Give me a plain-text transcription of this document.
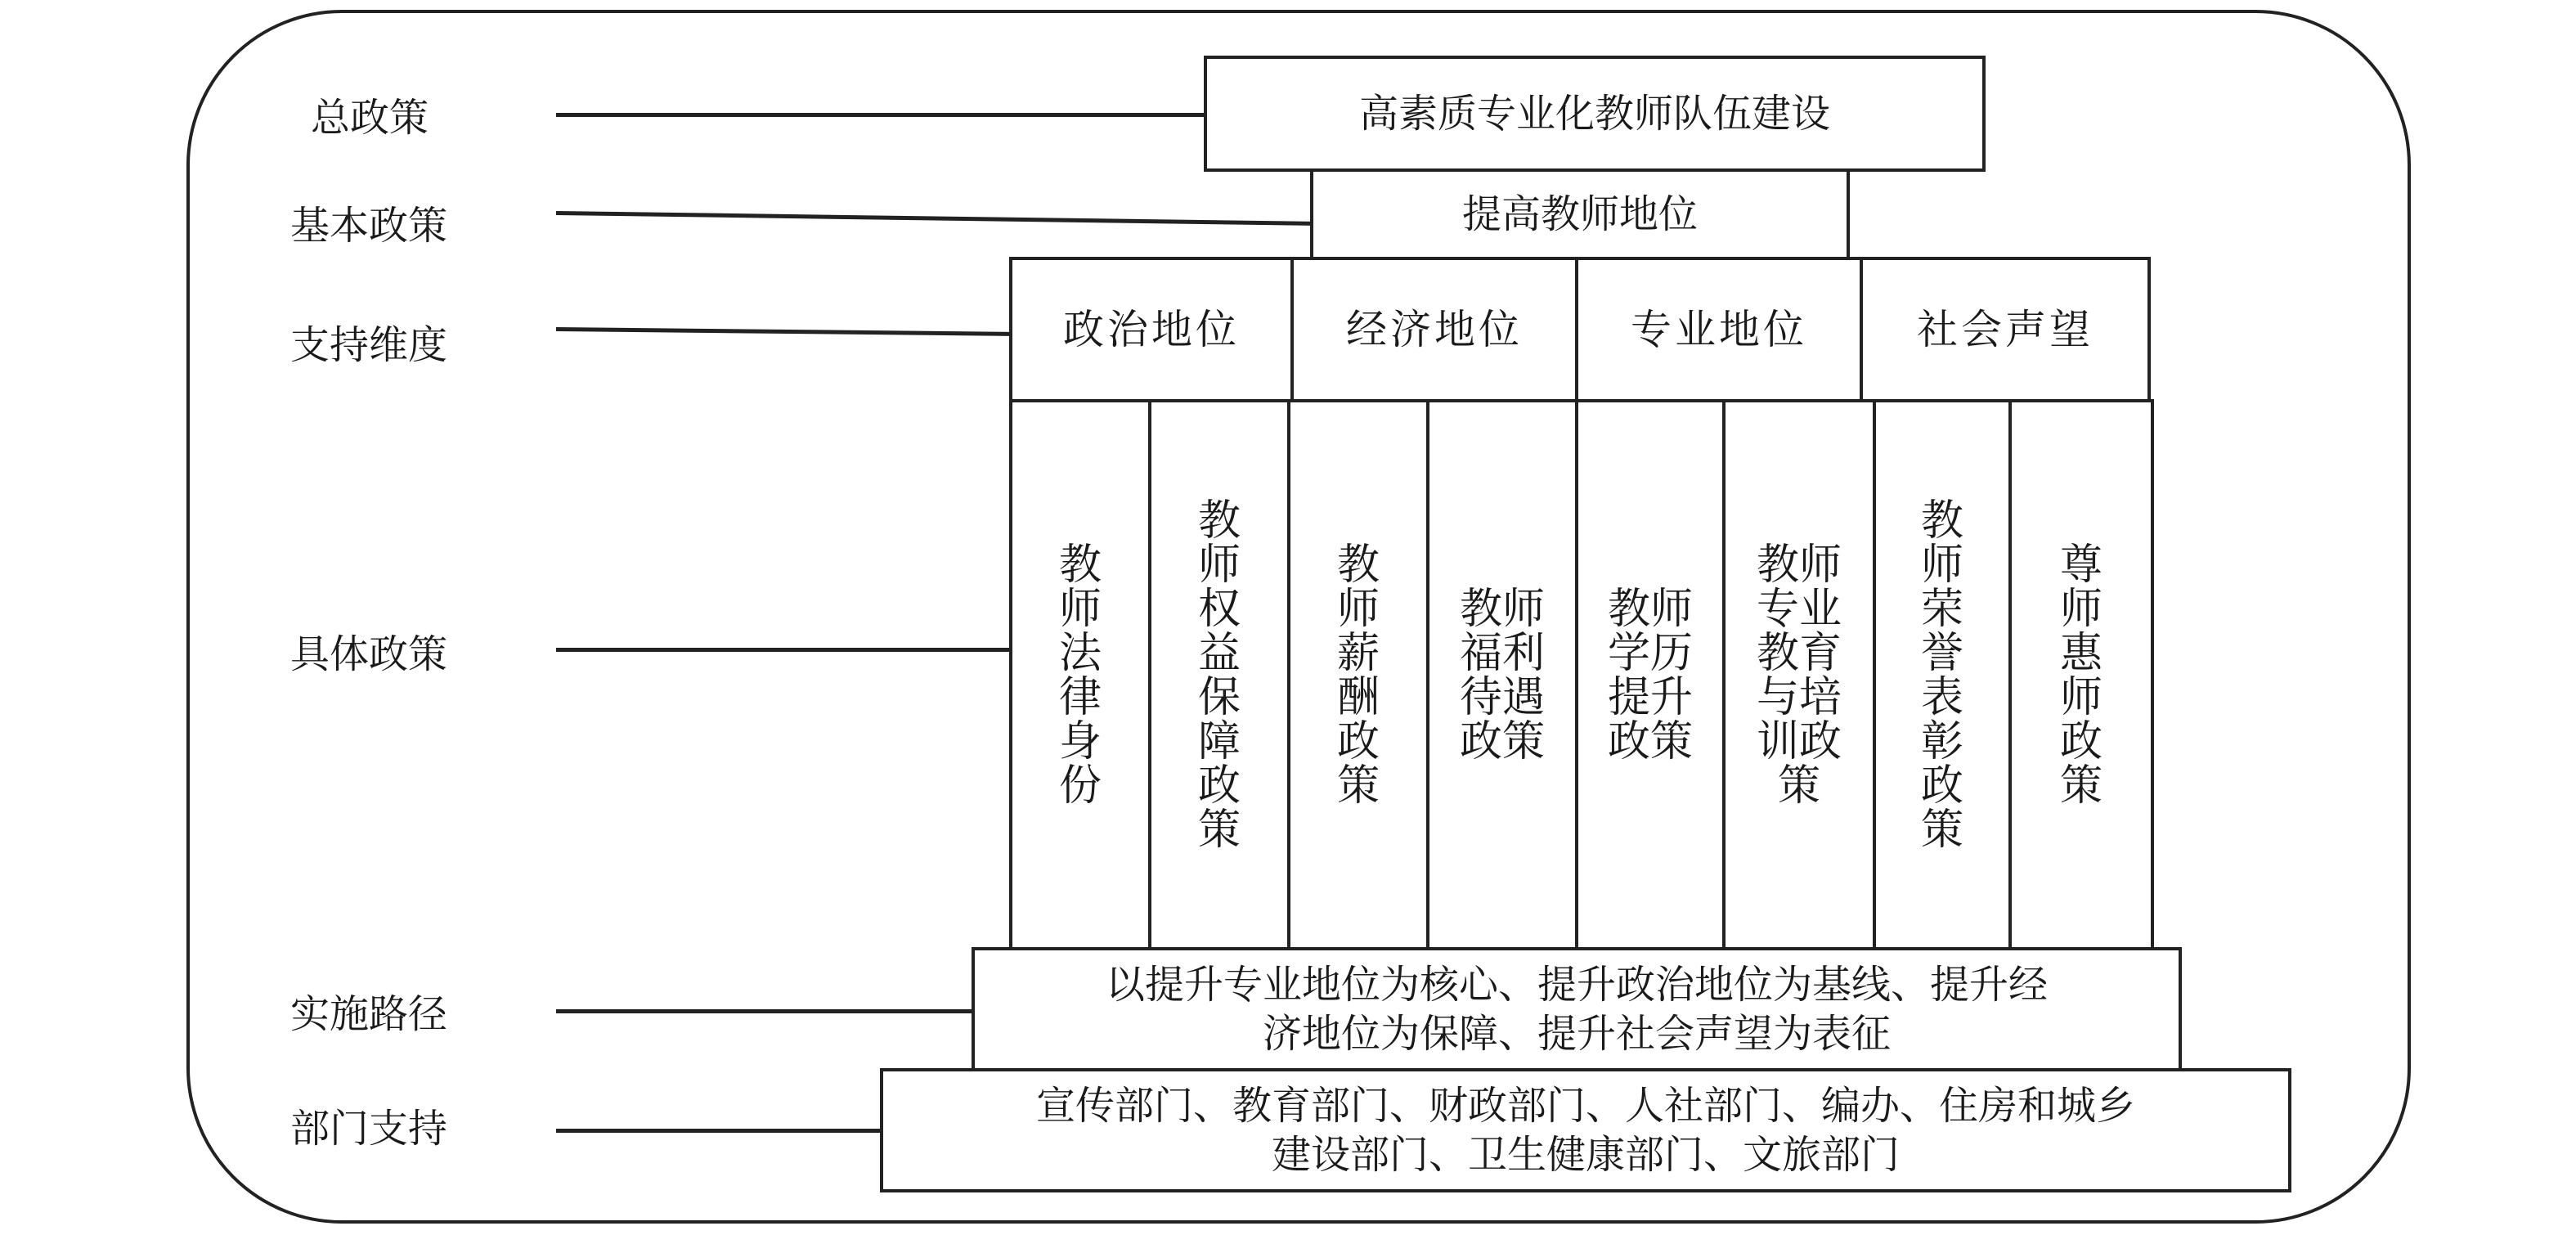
总政策
基本政策
支持维度
具体政策
实施路径
部门支持
高素质专业化教师队伍建设
提高教师地位
政治地位	经济地位	专业地位	社会声望
教
师
法
律
身
份
教
师
权
益
保
障
政
策
教
师
薪
酬
政
策
教师
福利
待遇
政策
教师
学历
提升
政策
教师
专业
教育
与培
训政
策
教
师
荣
誉
表
彰
政
策
尊
师
惠
师
政
策
以提升专业地位为核心、提升政治地位为基线、提升经
济地位为保障、提升社会声望为表征
宣传部门、教育部门、财政部门、人社部门、编办、住房和城乡
建设部门、卫生健康部门、文旅部门
